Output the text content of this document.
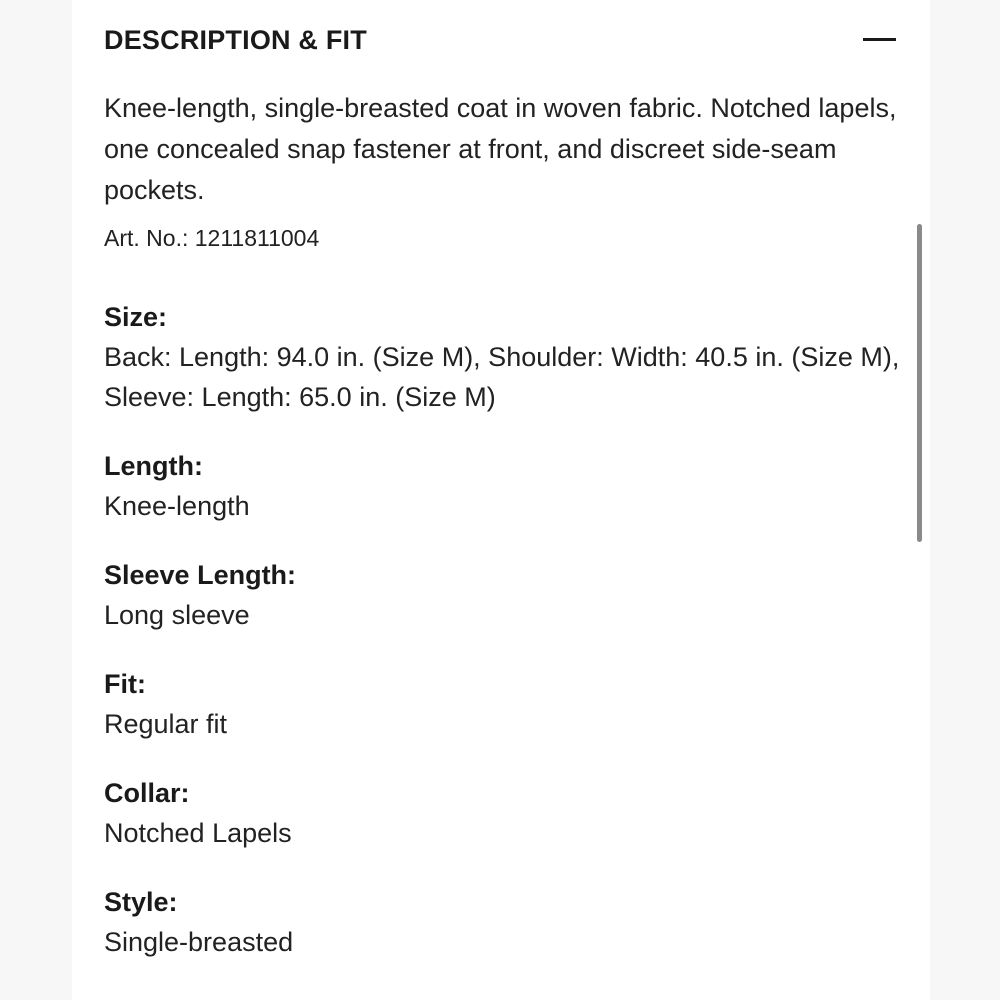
DESCRIPTION & FIT

Knee-length, single-breasted coat in woven fabric. Notched lapels, one concealed snap fastener at front, and discreet side-seam pockets.

Art. No.: 1211811004

Size:
Back: Length: 94.0 in. (Size M), Shoulder: Width: 40.5 in. (Size M), Sleeve: Length: 65.0 in. (Size M)
Length:
Knee-length
Sleeve Length:
Long sleeve
Fit:
Regular fit
Collar:
Notched Lapels
Style:
Single-breasted
